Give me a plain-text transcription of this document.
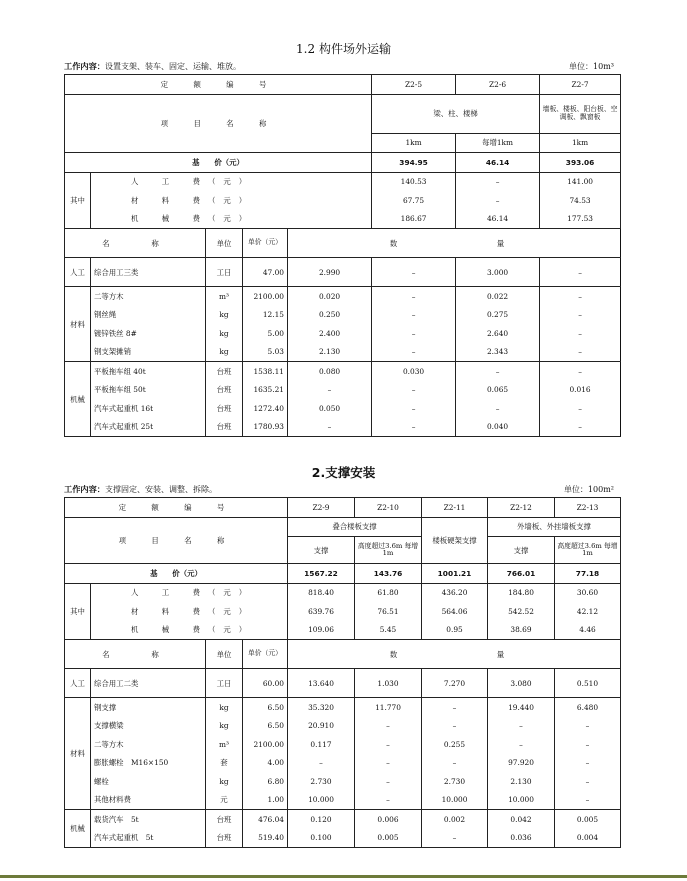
1.2 构件场外运输
工作内容：设置支架、装车、固定、运输、堆放。	单位：10m³
定　额　编　号					Z2-5	Z2-6	Z2-7	
项　目　名　称					梁、柱、楼梯		墙板、楼板、阳台板、空调板、飘窗板	
					1km	每增1km	1km	
基　　价（元）					394.95	46.14	393.06	
其中	人　工　费（元）				140.53	–	141.00	
	材　料　费（元）				67.75	–	74.53	
	机　械　费（元）				186.67	46.14	177.53	
名　　称		单位	单价（元）	数　　　　量				
人工	综合用工三类	工日	47.00	2.990	–	3.000	–	
材料	二等方木	m³	2100.00	0.020	–	0.022	–	
	钢丝绳	kg	12.15	0.250	–	0.275	–	
	镀锌铁丝 8#	kg	5.00	2.400	–	2.640	–	
	钢支架摊销	kg	5.03	2.130	–	2.343	–	
机械	平板拖车组 40t	台班	1538.11	0.080	0.030	–	–	
	平板拖车组 50t	台班	1635.21	–	–	0.065	0.016	
	汽车式起重机 16t	台班	1272.40	0.050	–	–	–	
	汽车式起重机 25t	台班	1780.93	–	–	0.040	–	
2.支撑安装
工作内容：支撑固定、安装、调整、拆除。	单位：100m²
定　额　编　号				Z2-9	Z2-10	Z2-11	Z2-12	Z2-13
项　目　名　称				叠合楼板支撑		楼板硬架支撑	外墙板、外挂墙板支撑	
				支撑	高度超过3.6m 每增1m		支撑	高度超过3.6m 每增1m
基　　价（元）				1567.22	143.76	1001.21	766.01	77.18
其中	人　工　费（元）			818.40	61.80	436.20	184.80	30.60
	材　料　费（元）			639.76	76.51	564.06	542.52	42.12
	机　械　费（元）			109.06	5.45	0.95	38.69	4.46
名　　称		单位	单价（元）	数　　　　量				
人工	综合用工二类	工日	60.00	13.640	1.030	7.270	3.080	0.510
材料	钢支撑	kg	6.50	35.320	11.770	–	19.440	6.480
	支撑横梁	kg	6.50	20.910	–	–	–	–
	二等方木	m³	2100.00	0.117	–	0.255	–	–
	膨胀螺栓　M16×150	套	4.00	–	–	–	97.920	–
	螺栓	kg	6.80	2.730	–	2.730	2.130	–
	其他材料费	元	1.00	10.000	–	10.000	10.000	–
机械	载货汽车　5t	台班	476.04	0.120	0.006	0.002	0.042	0.005
	汽车式起重机　5t	台班	519.40	0.100	0.005	–	0.036	0.004
